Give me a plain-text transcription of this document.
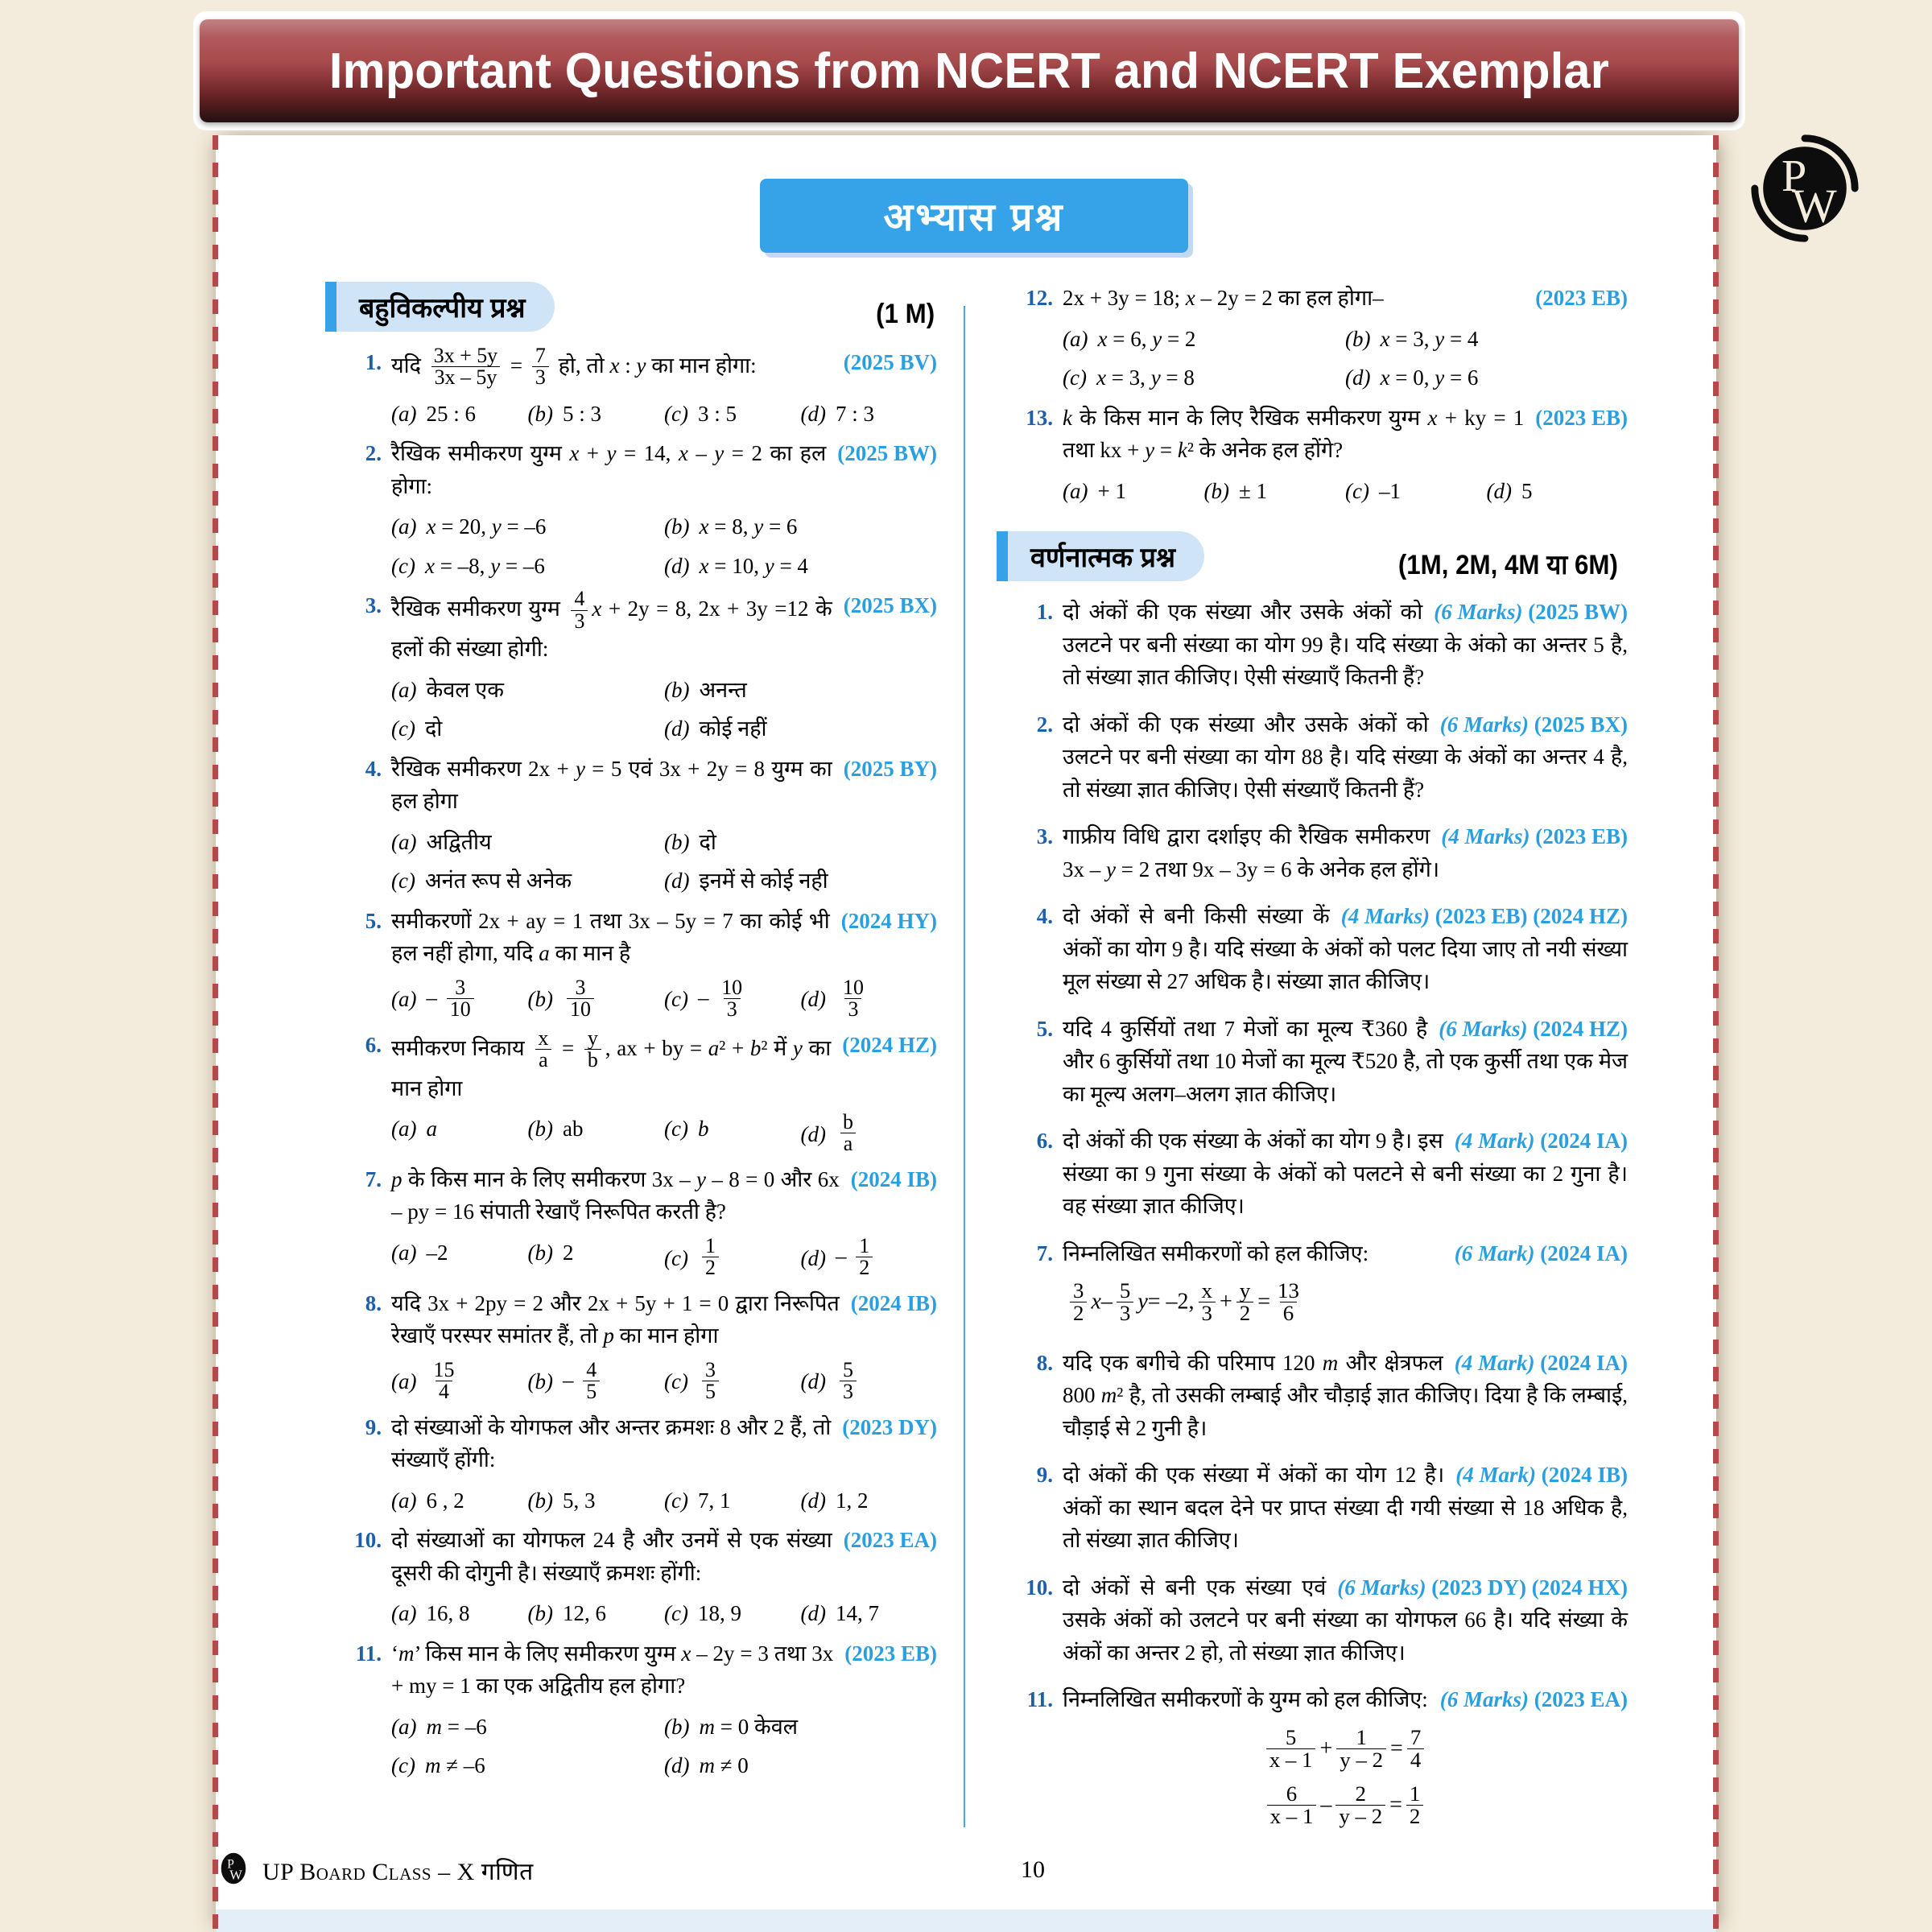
Important Questions from NCERT and NCERT Exemplar
P
W
अभ्यास प्रश्न
बहुविकल्पीय प्रश्न	(1 M)
1.	(2025 BV)
यदि $\frac{3x + 5y}{3x - 5y} = \frac{7}{3}$ हो, तो x : y का मान होगा:
(a) 25 : 6 (b) 5 : 3	(c) 3 : 5	(d) 7 : 3
2.	(2025 BW)
रैखिक समीकरण युग्म x + y = 14, x – y = 2 का हल होगा:
(a) x = 20, y = –6	(b) x = 8, y = 6
(c) x = –8, y = –6	(d) x = 10, y = 4
3.	(2025 BX)
रैखिक समीकरण युग्म $\frac{4}{3}$ x + 2y = 8, 2x + 3y =12 के हलों की संख्या होगी:
(a) केवल एक	(b) अनन्त
(c) दो	(d) कोई नहीं
4.	(2025 BY)
रैखिक समीकरण 2x + y = 5 एवं 3x + 2y = 8 युग्म का हल होगा
(a) अद्वितीय	(b) दो
(c) अनंत रूप से अनेक	(d) इनमें से कोई नही
5.	(2024 HY)
समीकरणों 2x + ay = 1 तथा 3x – 5y = 7 का कोई भी हल नहीं होगा, यदि a का मान है
$(a) - \frac{3}{10} (b) \frac{3}{10}$	$(c) - \frac{10}{3}$	$(d) \frac{10}{3}$
6.	(2024 HZ)
समीकरण निकाय $\frac{x}{a} = \frac{y}{b}$ , ax + by = a² + b² में y का मान होगा
(a) a	(b) ab	(c) b	$(d) \frac{b}{a}$
7.	(2024 IB)
p के किस मान के लिए समीकरण 3x – y – 8 = 0 और 6x – py = 16 संपाती रेखाएँ निरूपित करती है?
(a) –2	(b) 2	$(c) \frac{1}{2}$	$(d) - \frac{1}{2}$
8.	(2024 IB)
यदि 3x + 2py = 2 और 2x + 5y + 1 = 0 द्वारा निरूपित रेखाएँ परस्पर समांतर हैं, तो p का मान होगा
$(a) \frac{15}{4}$	$(b) - \frac{4}{5}$	$(c) \frac{3}{5}$	$(d) \frac{5}{3}$
9.	(2023 DY)
दो संख्याओं के योगफल और अन्तर क्रमशः 8 और 2 हैं, तो संख्याएँ होंगी:
(a) 6 , 2	(b) 5, 3	(c) 7, 1	(d) 1, 2
10.	(2023 EA)
दो संख्याओं का योगफल 24 है और उनमें से एक संख्या दूसरी की दोगुनी है। संख्याएँ क्रमशः होंगी:
(a) 16, 8	(b) 12, 6	(c) 18, 9	(d) 14, 7
11.	(2023 EB)
‘m’ किस मान के लिए समीकरण युग्म x – 2y = 3 तथा 3x + my = 1 का एक अद्वितीय हल होगा?
(a) m = –6	(b) m = 0 केवल
(c) m ≠ –6	(d) m ≠ 0
12.	(2023 EB)
2x + 3y = 18; x – 2y = 2 का हल होगा–
(a) x = 6, y = 2	(b) x = 3, y = 4
(c) x = 3, y = 8	(d) x = 0, y = 6
13.	(2023 EB)
k के किस मान के लिए रैखिक समीकरण युग्म x + ky = 1 तथा kx + y = k² के अनेक हल होंगे?
(a) + 1	(b) ± 1	(c) –1	(d) 5
वर्णनात्मक प्रश्न	(1M, 2M, 4M या 6M)
1.	(6 Marks) (2025 BW)
दो अंकों की एक संख्या और उसके अंकों को उलटने पर बनी संख्या का योग 99 है। यदि संख्या के अंको का अन्तर 5 है, तो संख्या ज्ञात कीजिए। ऐसी संख्याएँ कितनी हैं?
2.	(6 Marks) (2025 BX)
दो अंकों की एक संख्या और उसके अंकों को उलटने पर बनी संख्या का योग 88 है। यदि संख्या के अंकों का अन्तर 4 है, तो संख्या ज्ञात कीजिए। ऐसी संख्याएँ कितनी हैं?
3.	(4 Marks) (2023 EB)
गाफ्रीय विधि द्वारा दर्शाइए की रैखिक समीकरण 3x – y = 2 तथा 9x – 3y = 6 के अनेक हल होंगे।
4.	(4 Marks) (2023 EB) (2024 HZ)
दो अंकों से बनी किसी संख्या कें अंकों का योग 9 है। यदि संख्या के अंकों को पलट दिया जाए तो नयी संख्या मूल संख्या से 27 अधिक है। संख्या ज्ञात कीजिए।
5.	(6 Marks) (2024 HZ)
यदि 4 कुर्सियों तथा 7 मेजों का मूल्य ₹360 है और 6 कुर्सियों तथा 10 मेजों का मूल्य ₹520 है, तो एक कुर्सी तथा एक मेज का मूल्य अलग–अलग ज्ञात कीजिए।
6.	(4 Mark) (2024 IA)
दो अंकों की एक संख्या के अंकों का योग 9 है। इस संख्या का 9 गुना संख्या के अंकों को पलटने से बनी संख्या का 2 गुना है। वह संख्या ज्ञात कीजिए।
7.	(6 Mark) (2024 IA)
निम्नलिखित समीकरणों को हल कीजिए:
$\frac{3}{2} x- \frac{5}{3} y= -2$, $\frac{x}{3} + \frac{y}{2} = \frac{13}{6}$
8.	(4 Mark) (2024 IA)
यदि एक बगीचे की परिमाप 120 m और क्षेत्रफल 800 m² है, तो उसकी लम्बाई और चौड़ाई ज्ञात कीजिए। दिया है कि लम्बाई, चौड़ाई से 2 गुनी है।
9.	(4 Mark) (2024 IB)
दो अंकों की एक संख्या में अंकों का योग 12 है। अंकों का स्थान बदल देने पर प्राप्त संख्या दी गयी संख्या से 18 अधिक है, तो संख्या ज्ञात कीजिए।
10.	(6 Marks) (2023 DY) (2024 HX)
दो अंकों से बनी एक संख्या एवं उसके अंकों को उलटने पर बनी संख्या का योगफल 66 है। यदि संख्या के अंकों का अन्तर 2 हो, तो संख्या ज्ञात कीजिए।
11.	(6 Marks) (2023 EA)
निम्नलिखित समीकरणों के युग्म को हल कीजिए:
$\frac{5}{x - 1} + \frac{1}{y - 2} = \frac{7}{4}$
$\frac{6}{x - 1} - \frac{2}{y - 2} = \frac{1}{2}$
P
W UP Board Class – X गणित	10
